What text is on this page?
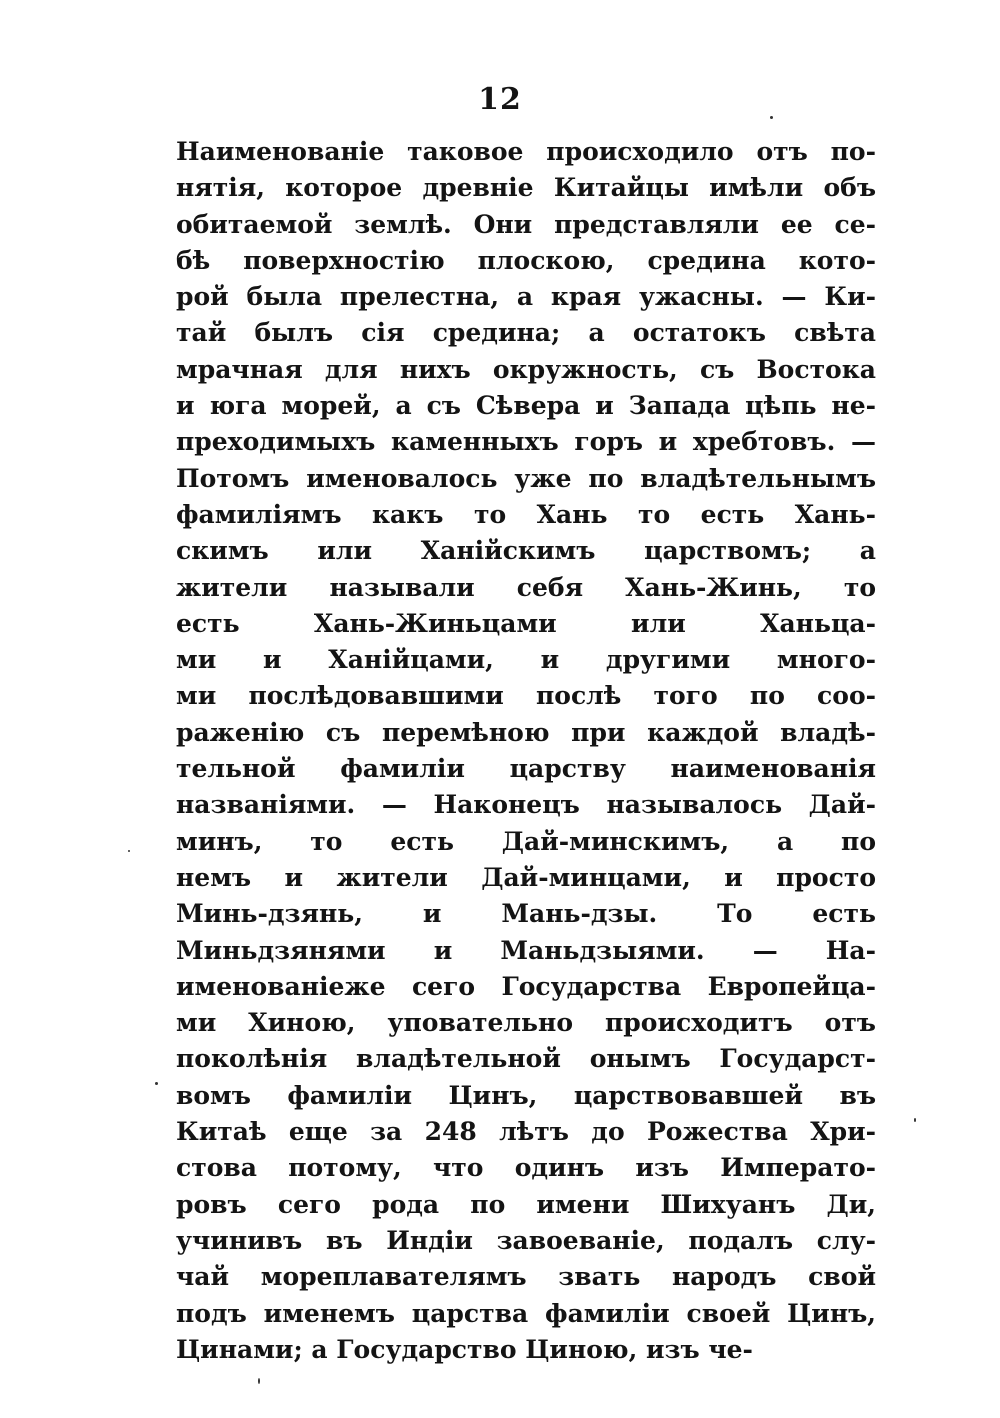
12
Наименованіе таковое происходило отъ по-
нятія, которое древніе Китайцы имѣли объ
обитаемой землѣ. Они представляли ее се-
бѣ поверхностію плоскою, средина кото-
рой была прелестна, а края ужасны. — Ки-
тай былъ сія средина; а остатокъ свѣта
мрачная для нихъ окружность, съ Востока
и юга морей, а съ Сѣвера и Запада цѣпь не-
преходимыхъ каменныхъ горъ и хребтовъ. —
Потомъ именовалось уже по владѣтельнымъ
фамиліямъ какъ то Хань то есть Хань-
скимъ или Ханійскимъ царствомъ; а
жители называли себя Хань-Жинь, то
есть Хань-Жиньцами или Ханьца-
ми и Ханійцами, и другими много-
ми послѣдовавшими послѣ того по соо-
раженію съ перемѣною при каждой владѣ-
тельной фамиліи царству наименованія
названіями. — Наконецъ называлось Дай-
минъ, то есть Дай-минскимъ, а по
немъ и жители Дай-минцами, и просто
Минь-дзянь, и Мань-дзы. То есть
Миньдзянями и Маньдзыями. — На-
именованіеже сего Государства Европейца-
ми Хиною, уповательно происходитъ отъ
поколѣнія владѣтельной онымъ Государст-
вомъ фамиліи Цинъ, царствовавшей въ
Китаѣ еще за 248 лѣтъ до Рожества Хри-
стова потому, что одинъ изъ Императо-
ровъ сего рода по имени Шихуанъ Ди,
учинивъ въ Индіи завоеваніе, подалъ слу-
чай мореплавателямъ звать народъ свой
подъ именемъ царства фамиліи своей Цинъ,
Цинами; а Государство Циною, изъ че-
